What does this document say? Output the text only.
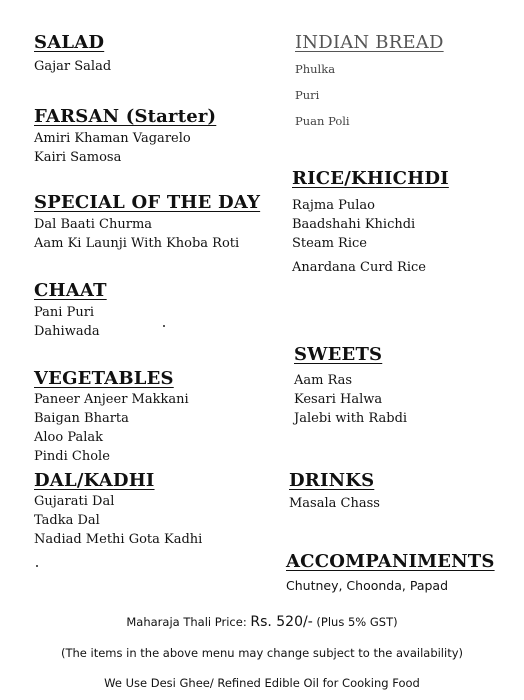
SALAD

Gajar Salad

FARSAN (Starter)

Amiri Khaman Vagarelo

Kairi Samosa

SPECIAL OF THE DAY

Dal Baati Churma

Aam Ki Launji With Khoba Roti

CHAAT

Pani Puri

Dahiwada

VEGETABLES

Paneer Anjeer Makkani

Baigan Bharta

Aloo Palak

Pindi Chole

DAL/KADHI

Gujarati Dal

Tadka Dal

Nadiad Methi Gota Kadhi

INDIAN BREAD

Phulka

Puri

Puan Poli

RICE/KHICHDI

Rajma Pulao

Baadshahi Khichdi

Steam Rice

Anardana Curd Rice

SWEETS

Aam Ras

Kesari Halwa

Jalebi with Rabdi

DRINKS

Masala Chass

ACCOMPANIMENTS

Chutney, Choonda, Papad

Maharaja Thali Price: Rs. 520/- (Plus 5% GST)
(The items in the above menu may change subject to the availability)
We Use Desi Ghee/ Refined Edible Oil for Cooking Food
